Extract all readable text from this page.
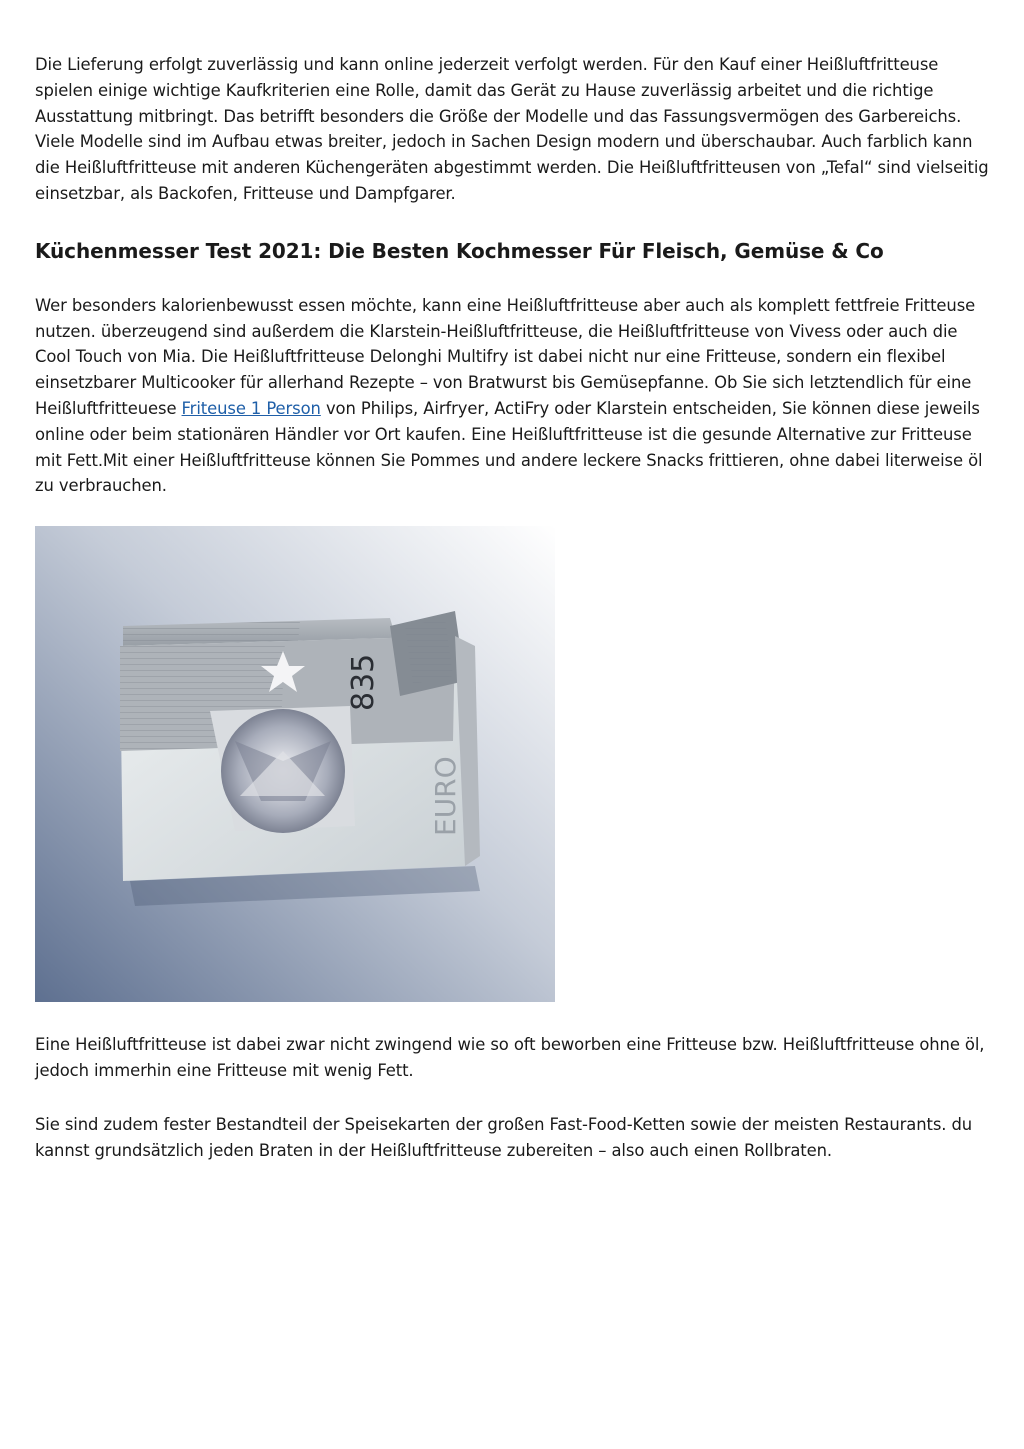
Die Lieferung erfolgt zuverlässig und kann online jederzeit verfolgt werden. Für den Kauf einer Heißluftfritteuse spielen einige wichtige Kaufkriterien eine Rolle, damit das Gerät zu Hause zuverlässig arbeitet und die richtige Ausstattung mitbringt. Das betrifft besonders die Größe der Modelle und das Fassungsvermögen des Garbereichs. Viele Modelle sind im Aufbau etwas breiter, jedoch in Sachen Design modern und überschaubar. Auch farblich kann die Heißluftfritteuse mit anderen Küchengeräten abgestimmt werden. Die Heißluftfritteusen von „Tefal“ sind vielseitig einsetzbar, als Backofen, Fritteuse und Dampfgarer.

Küchenmesser Test 2021: Die Besten Kochmesser Für Fleisch, Gemüse & Co

Wer besonders kalorienbewusst essen möchte, kann eine Heißluftfritteuse aber auch als komplett fettfreie Fritteuse nutzen. überzeugend sind außerdem die Klarstein-Heißluftfritteuse, die Heißluftfritteuse von Vivess oder auch die Cool Touch von Mia. Die Heißluftfritteuse Delonghi Multifry ist dabei nicht nur eine Fritteuse, sondern ein flexibel einsetzbarer Multicooker für allerhand Rezepte – von Bratwurst bis Gemüsepfanne. Ob Sie sich letztendlich für eine Heißluftfritteuese Friteuse 1 Person von Philips, Airfryer, ActiFry oder Klarstein entscheiden, Sie können diese jeweils online oder beim stationären Händler vor Ort kaufen. Eine Heißluftfritteuse ist die gesunde Alternative zur Fritteuse mit Fett.Mit einer Heißluftfritteuse können Sie Pommes und andere leckere Snacks frittieren, ohne dabei literweise öl zu verbrauchen.

835
EURO

Eine Heißluftfritteuse ist dabei zwar nicht zwingend wie so oft beworben eine Fritteuse bzw. Heißluftfritteuse ohne öl, jedoch immerhin eine Fritteuse mit wenig Fett.

Sie sind zudem fester Bestandteil der Speisekarten der großen Fast-Food-Ketten sowie der meisten Restaurants. du kannst grundsätzlich jeden Braten in der Heißluftfritteuse zubereiten – also auch einen Rollbraten.
